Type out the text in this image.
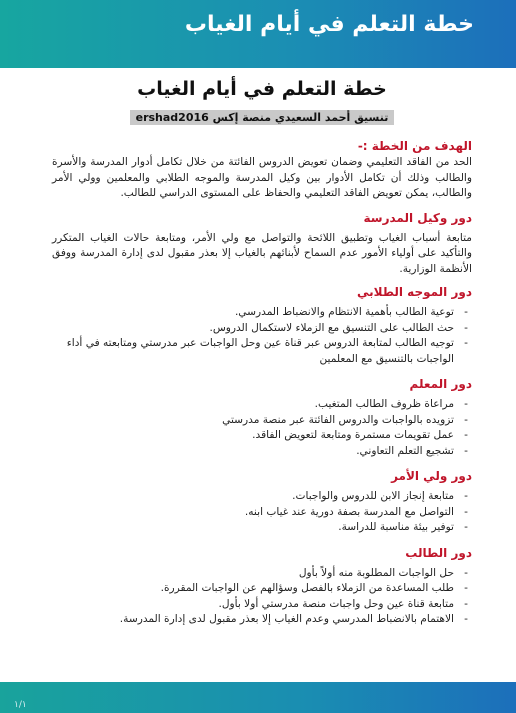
خطة التعلم في أيام الغياب
خطة التعلم في أيام الغياب
تنسيق أحمد السعيدي منصة إكس ershad2016
الهدف من الخطة :-
الحد من الفاقد التعليمي وضمان تعويض الدروس الفائتة من خلال تكامل أدوار المدرسة والأسرة والطالب وذلك أن تكامل الأدوار بين وكيل المدرسة والموجه الطلابي والمعلمين وولي الأمر والطالب، يمكن تعويض الفاقد التعليمي والحفاظ على المستوى الدراسي للطالب.
دور وكيل المدرسة
متابعة أسباب الغياب وتطبيق اللائحة والتواصل مع ولي الأمر، ومتابعة حالات الغياب المتكرر والتأكيد على أولياء الأمور عدم السماح لأبنائهم بالغياب إلا بعذر مقبول لدى إدارة المدرسة ووفق الأنظمة الوزارية.
دور الموجه الطلابي
- توعية الطالب بأهمية الانتظام والانضباط المدرسي.
- حث الطالب على التنسيق مع الزملاء لاستكمال الدروس.
- توجيه الطالب لمتابعة الدروس عبر قناة عين وحل الواجبات عبر مدرستي ومتابعته في أداء الواجبات بالتنسيق مع المعلمين
دور المعلم
- مراعاة ظروف الطالب المتغيب.
- تزويده بالواجبات والدروس الفائتة عبر منصة مدرستي
- عمل تقويمات مستمرة ومتابعة لتعويض الفاقد.
- تشجيع التعلم التعاوني.
دور ولي الأمر
- متابعة إنجاز الابن للدروس والواجبات.
- التواصل مع المدرسة بصفة دورية عند غياب ابنه.
- توفير بيئة مناسبة للدراسة.
دور الطالب
- حل الواجبات المطلوبة منه أولاً بأول
- طلب المساعدة من الزملاء بالفصل وسؤالهم عن الواجبات المقررة.
- متابعة قناة عين وحل واجبات منصة مدرستي أولا بأول.
- الاهتمام بالانضباط المدرسي وعدم الغياب إلا بعذر مقبول لدى إدارة المدرسة.
١/١
